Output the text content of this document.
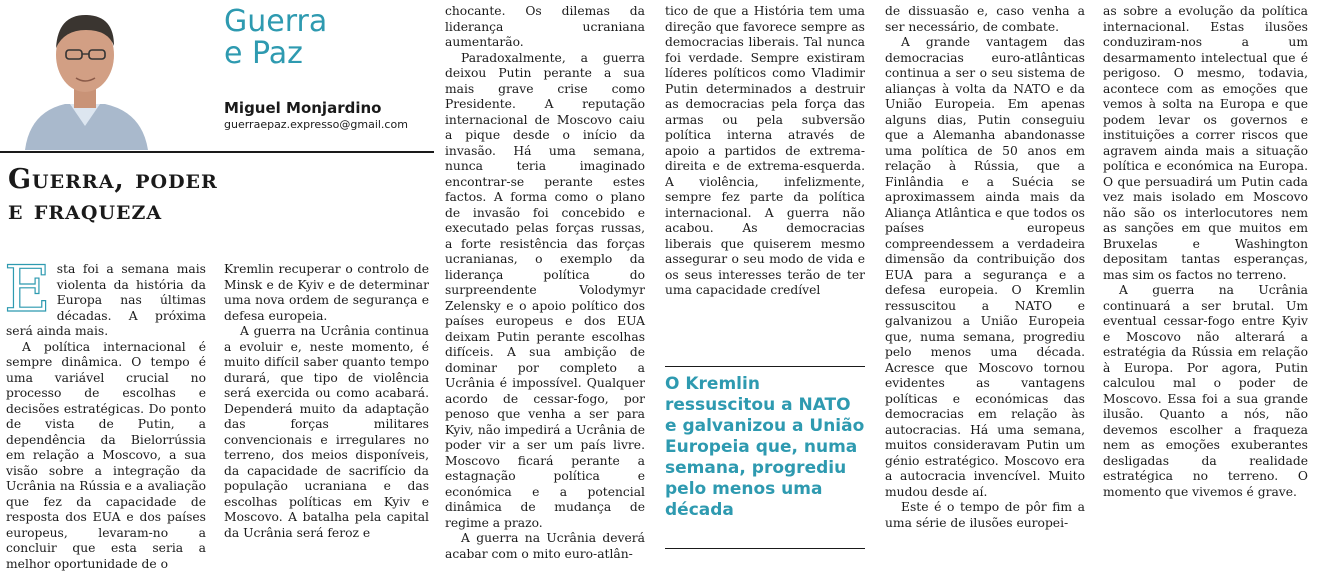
Guerra
e Paz
Miguel Monjardino
guerraepaz.expresso@gmail.com
Guerra, poder
e fraqueza

Esta foi a semana mais violenta da história da Europa nas últimas décadas. A próxima será ainda mais.

A política internacional é sempre dinâmica. O tempo é uma variável crucial no processo de escolhas e decisões estratégicas. Do ponto de vista de Putin, a dependência da Bielorrússia em relação a Moscovo, a sua visão sobre a integração da Ucrânia na Rússia e a avaliação que fez da capacidade de resposta dos EUA e dos países europeus, levaram-no a concluir que esta seria a melhor oportunidade de o

Kremlin recuperar o controlo de Minsk e de Kyiv e de determinar uma nova ordem de segurança e defesa europeia.

A guerra na Ucrânia continua a evoluir e, neste momento, é muito difícil saber quanto tempo durará, que tipo de violência será exercida ou como acabará. Dependerá muito da adaptação das forças militares convencionais e irregulares no terreno, dos meios disponíveis, da capacidade de sacrifício da população ucraniana e das escolhas políticas em Kyiv e Moscovo. A batalha pela capital da Ucrânia será feroz e

chocante. Os dilemas da liderança ucraniana aumentarão.

Paradoxalmente, a guerra deixou Putin perante a sua mais grave crise como Presidente. A reputação internacional de Moscovo caiu a pique desde o início da invasão. Há uma semana, nunca teria imaginado encontrar-se perante estes factos. A forma como o plano de invasão foi concebido e executado pelas forças russas, a forte resistência das forças ucranianas, o exemplo da liderança política do surpreendente Volodymyr Zelensky e o apoio político dos países europeus e dos EUA deixam Putin perante escolhas difíceis. A sua ambição de dominar por completo a Ucrânia é impossível. Qualquer acordo de cessar-fogo, por penoso que venha a ser para Kyiv, não impedirá a Ucrânia de poder vir a ser um país livre. Moscovo ficará perante a estagnação política e económica e a potencial dinâmica de mudança de regime a prazo.

A guerra na Ucrânia deverá acabar com o mito euro-atlân-

tico de que a História tem uma direção que favorece sempre as democracias liberais. Tal nunca foi verdade. Sempre existiram líderes políticos como Vladimir Putin determinados a destruir as democracias pela força das armas ou pela subversão política interna através de apoio a partidos de extrema-direita e de extrema-esquerda. A violência, infelizmente, sempre fez parte da política internacional. A guerra não acabou. As democracias liberais que quiserem mesmo assegurar o seu modo de vida e os seus interesses terão de ter uma capacidade credível

O Kremlin ressuscitou a NATO e galvanizou a União Europeia que, numa semana, progrediu pelo menos uma década

de dissuasão e, caso venha a ser necessário, de combate.

A grande vantagem das democracias euro-atlânticas continua a ser o seu sistema de alianças à volta da NATO e da União Europeia. Em apenas alguns dias, Putin conseguiu que a Alemanha abandonasse uma política de 50 anos em relação à Rússia, que a Finlândia e a Suécia se aproximassem ainda mais da Aliança Atlântica e que todos os países europeus compreendessem a verdadeira dimensão da contribuição dos EUA para a segurança e a defesa europeia. O Kremlin ressuscitou a NATO e galvanizou a União Europeia que, numa semana, progrediu pelo menos uma década. Acresce que Moscovo tornou evidentes as vantagens políticas e económicas das democracias em relação às autocracias. Há uma semana, muitos consideravam Putin um génio estratégico. Moscovo era a autocracia invencível. Muito mudou desde aí.

Este é o tempo de pôr fim a uma série de ilusões europei-

as sobre a evolução da política internacional. Estas ilusões conduziram-nos a um desarmamento intelectual que é perigoso. O mesmo, todavia, acontece com as emoções que vemos à solta na Europa e que podem levar os governos e instituições a correr riscos que agravem ainda mais a situação política e económica na Europa. O que persuadirá um Putin cada vez mais isolado em Moscovo não são os interlocutores nem as sanções em que muitos em Bruxelas e Washington depositam tantas esperanças, mas sim os factos no terreno.

A guerra na Ucrânia continuará a ser brutal. Um eventual cessar-fogo entre Kyiv e Moscovo não alterará a estratégia da Rússia em relação à Europa. Por agora, Putin calculou mal o poder de Moscovo. Essa foi a sua grande ilusão. Quanto a nós, não devemos escolher a fraqueza nem as emoções exuberantes desligadas da realidade estratégica no terreno. O momento que vivemos é grave.
